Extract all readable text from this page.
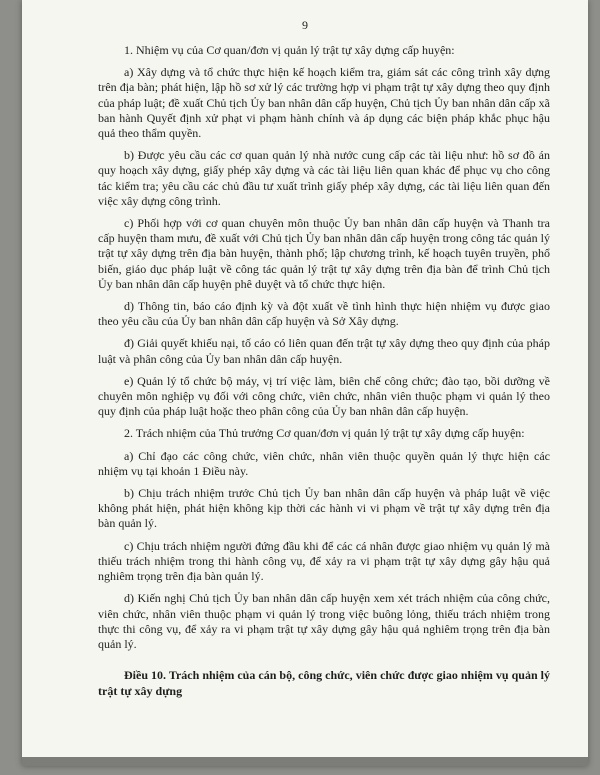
9

1. Nhiệm vụ của Cơ quan/đơn vị quản lý trật tự xây dựng cấp huyện:

a) Xây dựng và tổ chức thực hiện kế hoạch kiểm tra, giám sát các công trình xây dựng trên địa bàn; phát hiện, lập hồ sơ xử lý các trường hợp vi phạm trật tự xây dựng theo quy định của pháp luật; đề xuất Chủ tịch Ủy ban nhân dân cấp huyện, Chủ tịch Ủy ban nhân dân cấp xã ban hành Quyết định xử phạt vi phạm hành chính và áp dụng các biện pháp khắc phục hậu quả theo thẩm quyền.

b) Được yêu cầu các cơ quan quản lý nhà nước cung cấp các tài liệu như: hồ sơ đồ án quy hoạch xây dựng, giấy phép xây dựng và các tài liệu liên quan khác để phục vụ cho công tác kiểm tra; yêu cầu các chủ đầu tư xuất trình giấy phép xây dựng, các tài liệu liên quan đến việc xây dựng công trình.

c) Phối hợp với cơ quan chuyên môn thuộc Ủy ban nhân dân cấp huyện và Thanh tra cấp huyện tham mưu, đề xuất với Chủ tịch Ủy ban nhân dân cấp huyện trong công tác quản lý trật tự xây dựng trên địa bàn huyện, thành phố; lập chương trình, kế hoạch tuyên truyền, phổ biến, giáo dục pháp luật về công tác quản lý trật tự xây dựng trên địa bàn để trình Chủ tịch Ủy ban nhân dân cấp huyện phê duyệt và tổ chức thực hiện.

d) Thông tin, báo cáo định kỳ và đột xuất về tình hình thực hiện nhiệm vụ được giao theo yêu cầu của Ủy ban nhân dân cấp huyện và Sở Xây dựng.

đ) Giải quyết khiếu nại, tố cáo có liên quan đến trật tự xây dựng theo quy định của pháp luật và phân công của Ủy ban nhân dân cấp huyện.

e) Quản lý tổ chức bộ máy, vị trí việc làm, biên chế công chức; đào tạo, bồi dưỡng về chuyên môn nghiệp vụ đối với công chức, viên chức, nhân viên thuộc phạm vi quản lý theo quy định của pháp luật hoặc theo phân công của Ủy ban nhân dân cấp huyện.

2. Trách nhiệm của Thủ trưởng Cơ quan/đơn vị quản lý trật tự xây dựng cấp huyện:

a) Chỉ đạo các công chức, viên chức, nhân viên thuộc quyền quản lý thực hiện các nhiệm vụ tại khoản 1 Điều này.

b) Chịu trách nhiệm trước Chủ tịch Ủy ban nhân dân cấp huyện và pháp luật về việc không phát hiện, phát hiện không kịp thời các hành vi vi phạm về trật tự xây dựng trên địa bàn quản lý.

c) Chịu trách nhiệm người đứng đầu khi để các cá nhân được giao nhiệm vụ quản lý mà thiếu trách nhiệm trong thi hành công vụ, để xảy ra vi phạm trật tự xây dựng gây hậu quả nghiêm trọng trên địa bàn quản lý.

d) Kiến nghị Chủ tịch Ủy ban nhân dân cấp huyện xem xét trách nhiệm của công chức, viên chức, nhân viên thuộc phạm vi quản lý trong việc buông lỏng, thiếu trách nhiệm trong thực thi công vụ, để xảy ra vi phạm trật tự xây dựng gây hậu quả nghiêm trọng trên địa bàn quản lý.

Điều 10. Trách nhiệm của cán bộ, công chức, viên chức được giao nhiệm vụ quản lý trật tự xây dựng
